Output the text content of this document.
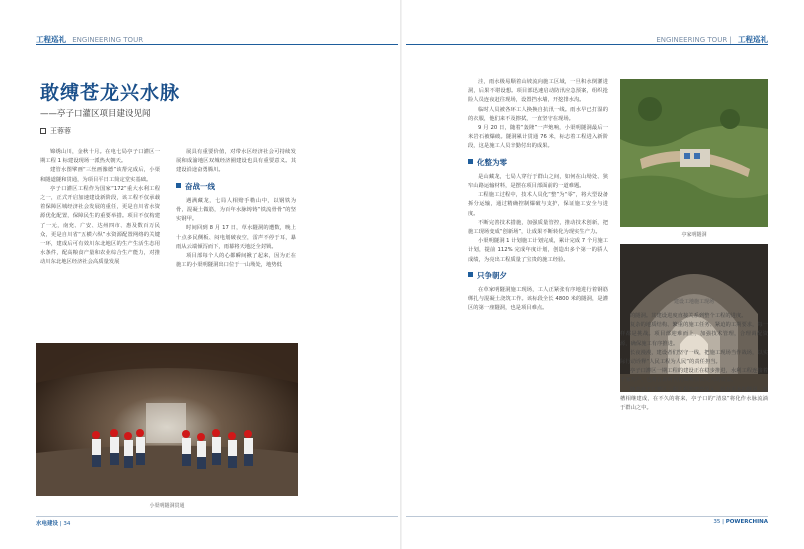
工程巡礼 ENGINEERING TOUR
敢缚苍龙兴水脉
——亭子口灌区项目建设见闻
王蓉蓉

锦绣山川，金秋十月。在电七局亭子口灌区一期工程 1 标建设现场一派热火朝天。

建管水图擘画“三丝画豫德”该帮完成后，小渠和隧道隧和贯通，为项目平日工简定堂实基础。

亭子口灌区工程作为国家“172”重大水利工程之一，正式开启加速建设新阶段，该工程不仅承载着保障区城经济社会发展的重任，更是自川省水资源优化配置，保障民生的重要举措。项目不仅构建了一元，南充、广安、达州四市、惠及数百万民众，更是自川省“五横六纵”水资源配置网络的关键一环，建成后可有效川东北地区的生产生活生态用水条件，配高粮食产量和农业综合生产能力，对推动川东北地区经济社会高质量发展

展具有重要价值，对带水区经济社会可持续发展和成渝地区双城经济圈建设也具有重要意义。其建设沿途奋勇腾川。

奋战一线

遇满藏龙，七局人相赔手勒山中，以钢铁为骨，混凝土做筋，为百年水脉铸铸“铁流骨骨”的坚实钢甲。

时间回到 8 月 17 日，草水隧洞的遭数，晚上十点多民侧板、闷电划破夜空，雷声不停于耳，暴雨从云端倾泻而下，雨幕将天地泛全封锁。

项目部每个人的心都瞬间揪了起来，因为正在施工的小渠明隧洞出口位于一山坳处，地势低

小渠明隧洞贯通
水电建设 | 34
ENGINEERING TOUR | 工程巡礼

洼，雨水极易顺着山坡流向施工区域，一旦积水倒灌进洞，后果不堪设想。项目部迅速启动防汛应急预案，组织抢险人员连夜赶往现场，设置挡水墙，开挖排水沟。

临时人员被各环工人换换自抗汛一线。雨水早已打湿的的衣服，他们来不及擦拭，一直坚守在现场。

9 月 20 日，随着“轰隆”一声炮响，小渠明隧洞最后一米岩石被爆破。隧洞累计贯通 76 米，标志着工程进入新阶段，这是施工人员辛勤付出的成果。

化整为零

是山藏龙，七局人穿行于群山之间，如何在山坳处、狭窄山路运输材料，是摆在项目部面前的一道难题。

工程施工过程中，技术人员化“整”为“零”，将大型设备拆分运输，通过精确控制爆破与支护，保证施工安全与进度。

不断完善技术措施，加强质量管控，推动技术创新，把施工现场变成“创新场”，让成果不断转化为现实生产力。

小渠明隧洞 1 计划施工计划完成，累计完成 7 个月施工计划，提前 112% 完成年度计划，创造出多个第一的骄人成绩，为亮出工程质量了宝贵的施工经验。

只争朝夕

在草家明隧洞施工现场，工人正紧张有序地进行着钢筋绑扎与混凝土浇筑工作。该标段全长 4800 米的隧洞，是灌区的第一座隧洞，也是项目难点。

亭家明隧洞
建设工地施工现场

的隧洞。其建设进度直接关系到整个工程的进度。

复杂的地质结构、繁重的施工任务、紧迫的工期要求，每一样都是挑战。项目部迎难而上，加强技术管理，合理调配资源，确保施工有序推进。

长夜漫漫，建设者们坚守一线，把施工现场当作战场，以实际行动诠释“人民工程为人民”的责任担当。

亭子口灌区一期工程的建设正在稳步推进，水利工程连接着千家万户，也将在新时代持续释放出更大的效益。

随着亭子口灌区一期工程的建设深入，将有更多的隧洞、渡槽相继建成，在不久的将来，亭子口的“清泉”将化作水脉流淌于群山之中。

35 | POWERCHINA
